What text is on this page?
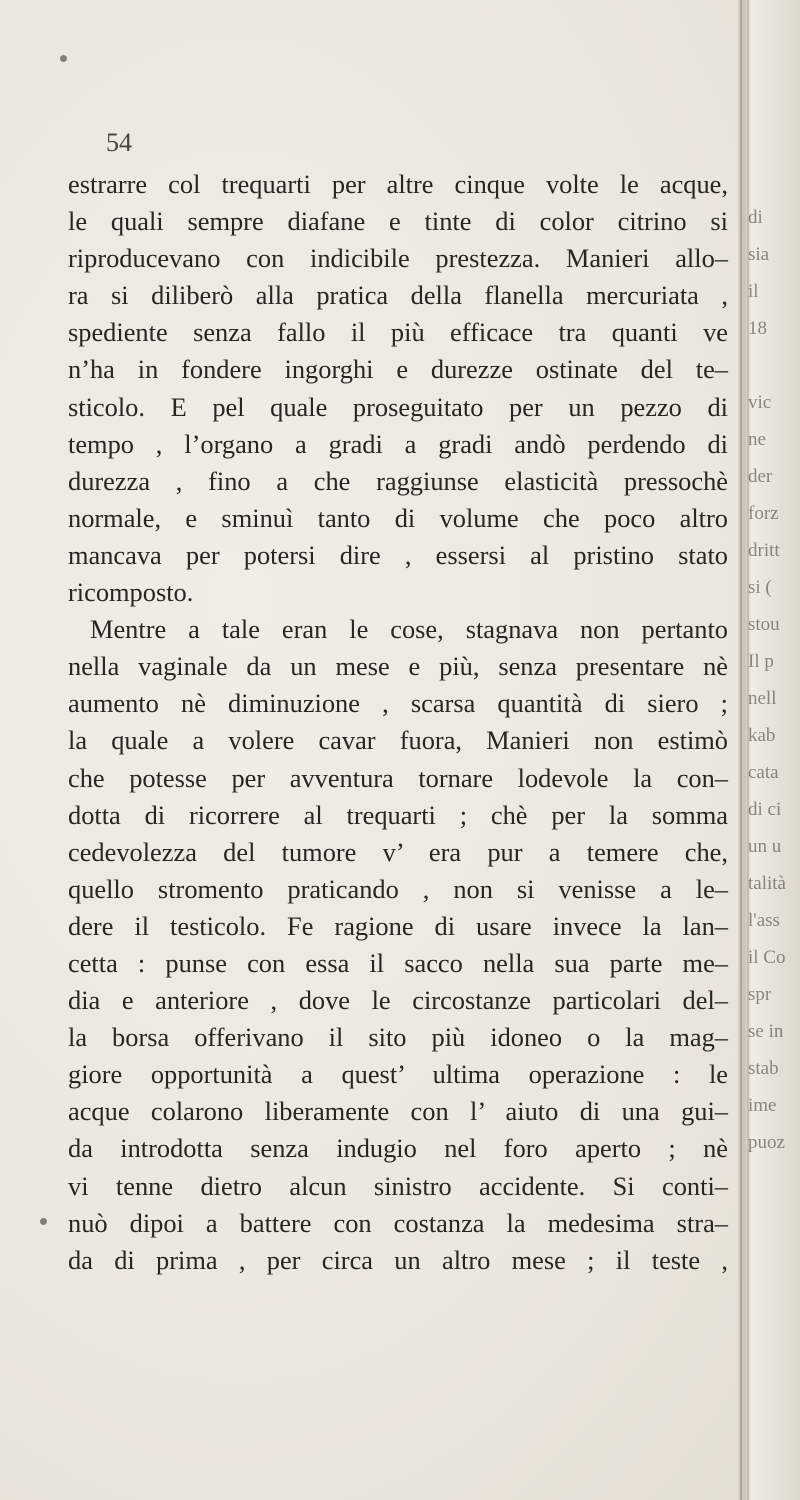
54
estrarre col trequarti per altre cinque volte le acque,
le quali sempre diafane e tinte di color citrino si
riproducevano con indicibile prestezza. Manieri allo–
ra si diliberò alla pratica della flanella mercuriata ,
spediente senza fallo il più efficace tra quanti ve
n’ha in fondere ingorghi e durezze ostinate del te–
sticolo. E pel quale proseguitato per un pezzo di
tempo , l’organo a gradi a gradi andò perdendo di
durezza , fino a che raggiunse elasticità pressochè
normale, e sminuì tanto di volume che poco altro
mancava per potersi dire , essersi al pristino stato
ricomposto.
Mentre a tale eran le cose, stagnava non pertanto
nella vaginale da un mese e più, senza presentare nè
aumento nè diminuzione , scarsa quantità di siero ;
la quale a volere cavar fuora, Manieri non estimò
che potesse per avventura tornare lodevole la con–
dotta di ricorrere al trequarti ; chè per la somma
cedevolezza del tumore v’ era pur a temere che,
quello stromento praticando , non si venisse a le–
dere il testicolo. Fe ragione di usare invece la lan–
cetta : punse con essa il sacco nella sua parte me–
dia e anteriore , dove le circostanze particolari del–
la borsa offerivano il sito più idoneo o la mag–
giore opportunità a quest’ ultima operazione : le
acque colarono liberamente con l’ aiuto di una gui–
da introdotta senza indugio nel foro aperto ; nè
vi tenne dietro alcun sinistro accidente. Si conti–
nuò dipoi a battere con costanza la medesima stra–
da di prima , per circa un altro mese ; il teste ,
di
sia
il
18
vic
ne
der
forz
dritt
si (
stou
Il p
nell
kab
cata
di ci
un u
talità
l'ass
il Co
spr
se in
stab
ime
puoz
